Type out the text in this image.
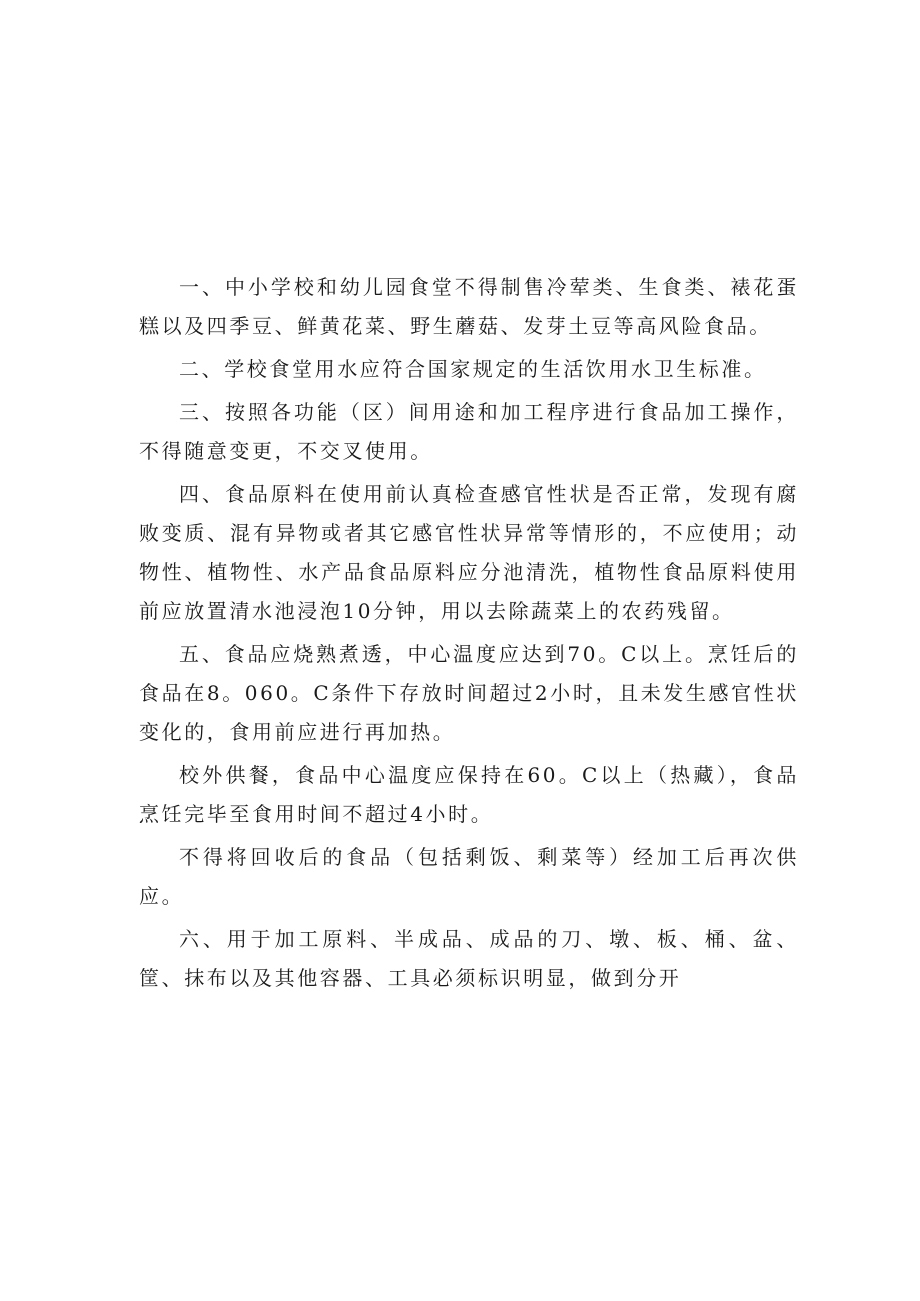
一、中小学校和幼儿园食堂不得制售冷荤类、生食类、裱花蛋糕以及四季豆、鲜黄花菜、野生蘑菇、发芽土豆等高风险食品。

二、学校食堂用水应符合国家规定的生活饮用水卫生标准。

三、按照各功能（区）间用途和加工程序进行食品加工操作，不得随意变更，不交叉使用。

四、食品原料在使用前认真检查感官性状是否正常，发现有腐败变质、混有异物或者其它感官性状异常等情形的，不应使用；动物性、植物性、水产品食品原料应分池清洗，植物性食品原料使用前应放置清水池浸泡10分钟，用以去除蔬菜上的农药残留。

五、食品应烧熟煮透，中心温度应达到70。C以上。烹饪后的食品在8。060。C条件下存放时间超过2小时，且未发生感官性状变化的，食用前应进行再加热。

校外供餐，食品中心温度应保持在60。C以上（热藏），食品烹饪完毕至食用时间不超过4小时。

不得将回收后的食品（包括剩饭、剩菜等）经加工后再次供应。

六、用于加工原料、半成品、成品的刀、墩、板、桶、盆、筐、抹布以及其他容器、工具必须标识明显，做到分开
